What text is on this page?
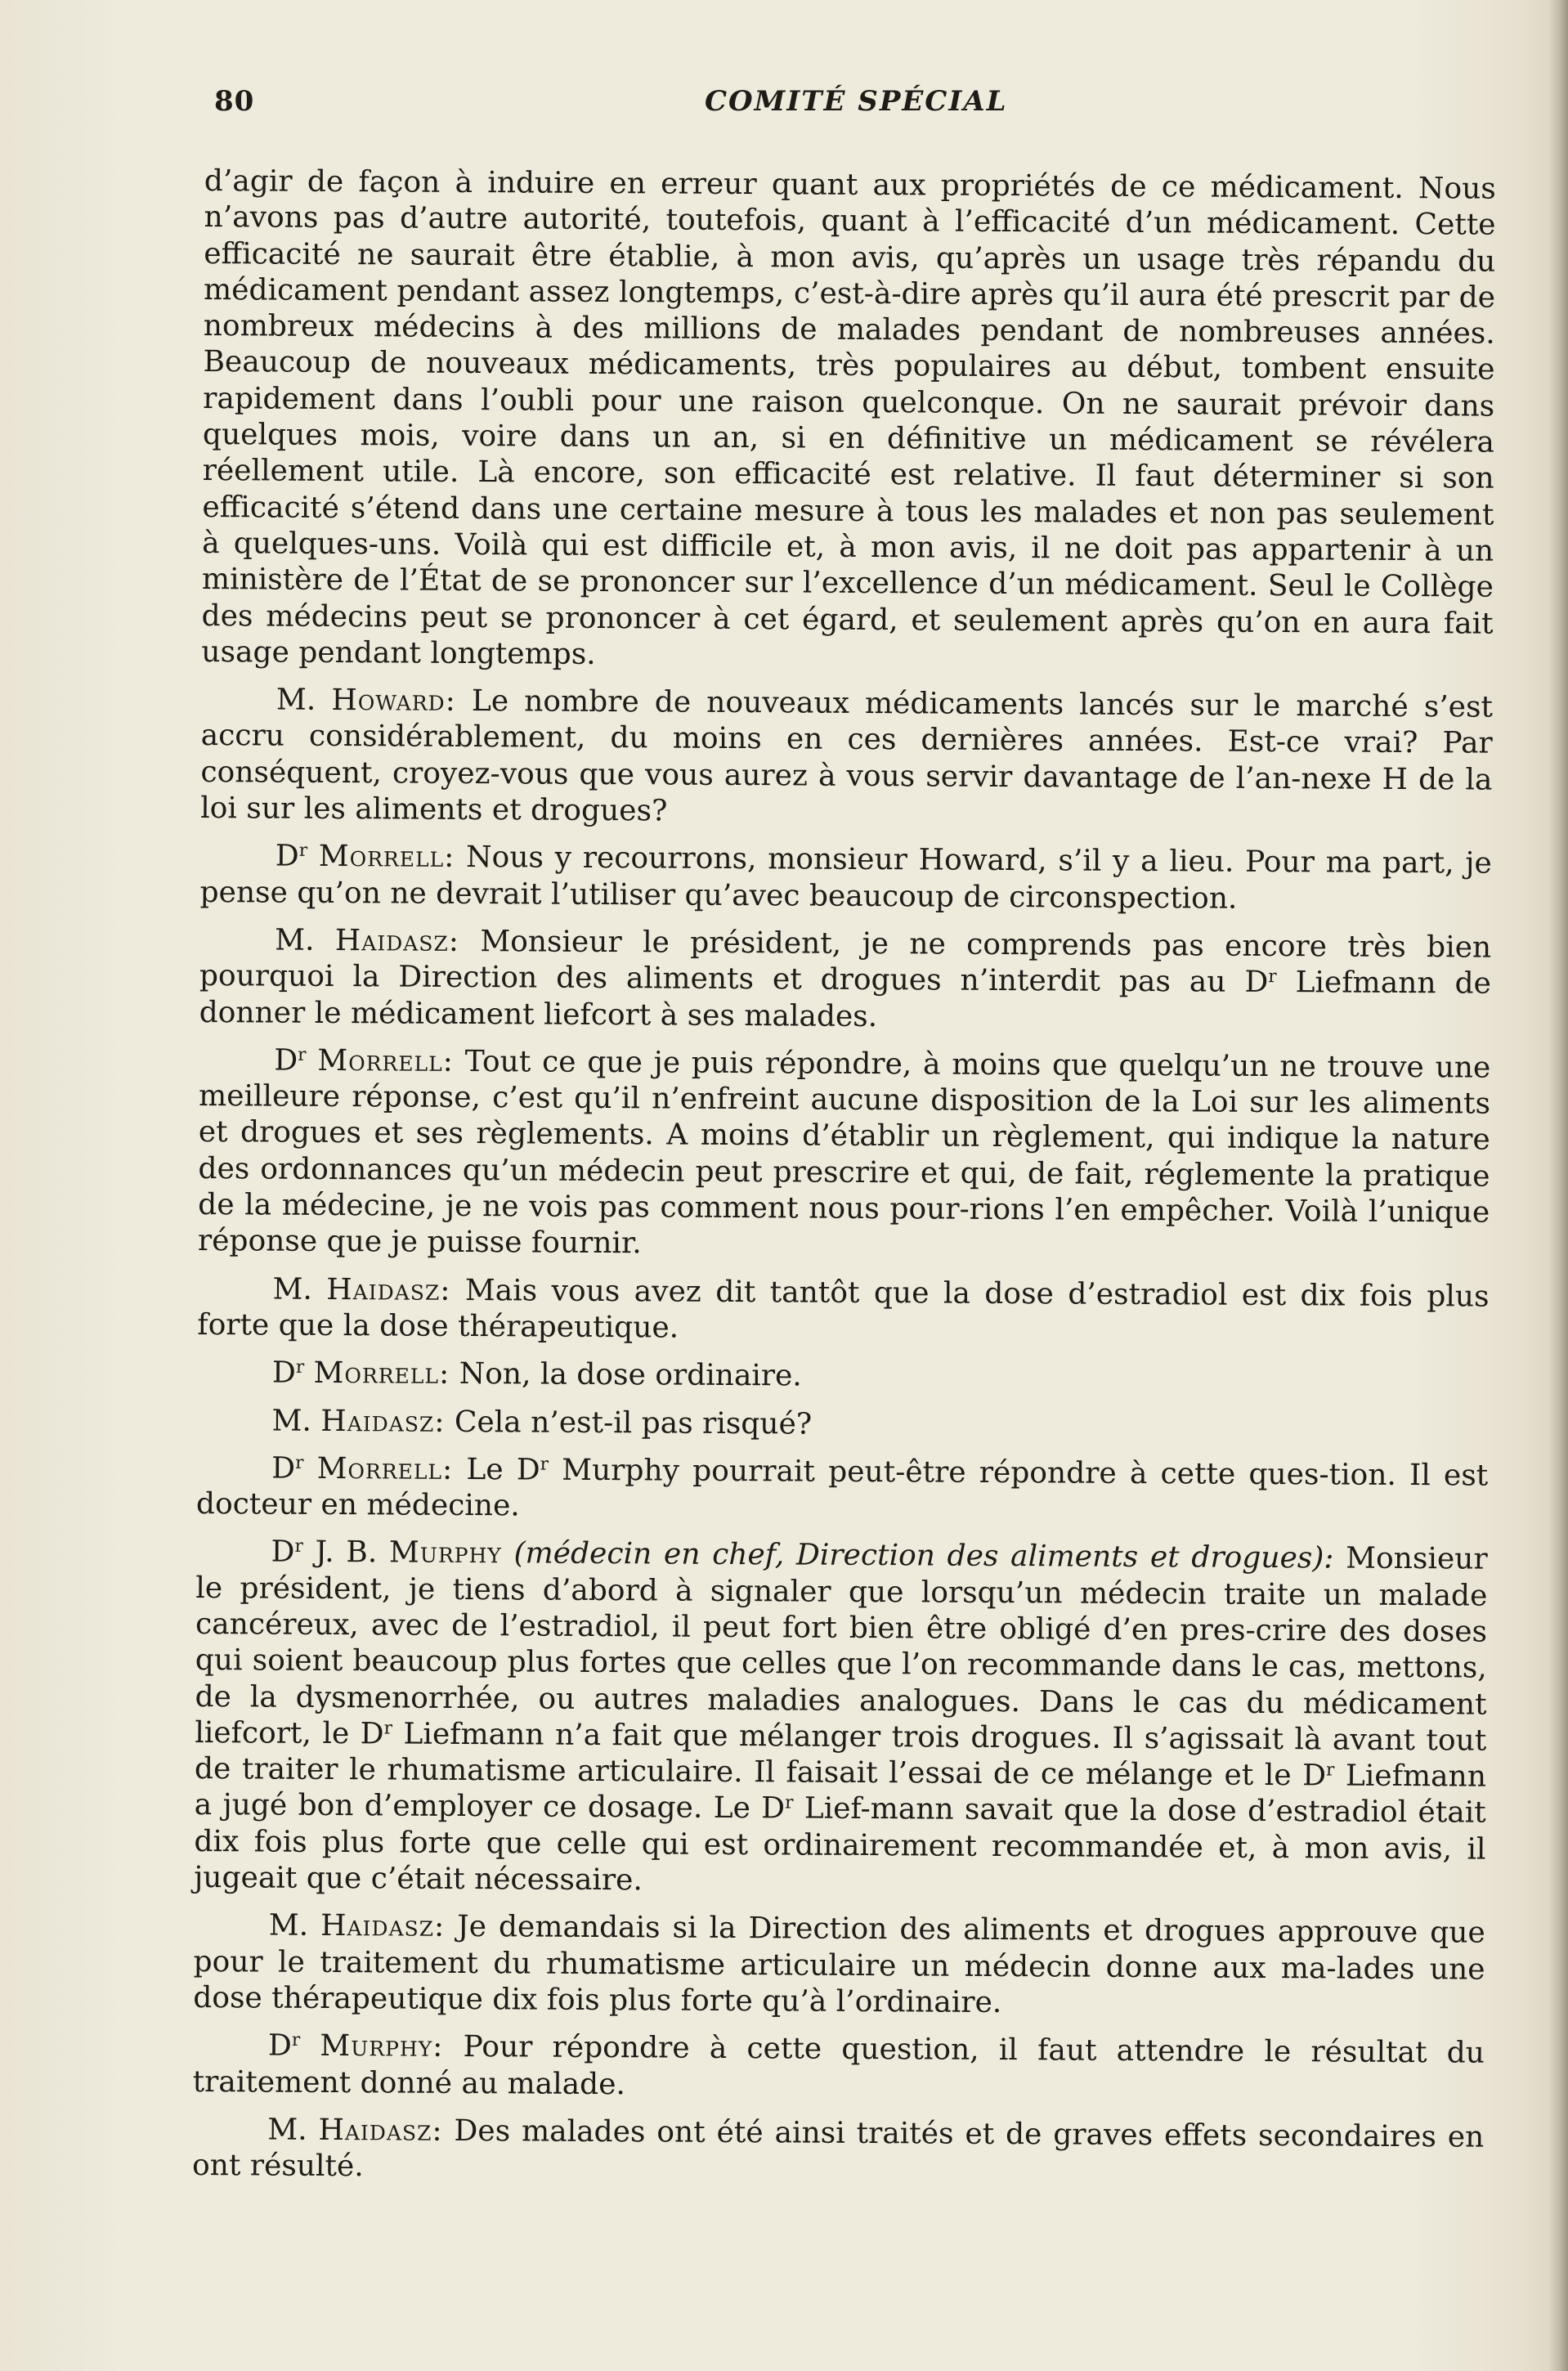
80	COMITÉ SPÉCIAL

d’agir de façon à induire en erreur quant aux propriétés de ce médicament. Nous n’avons pas d’autre autorité, toutefois, quant à l’efficacité d’un médicament. Cette efficacité ne saurait être établie, à mon avis, qu’après un usage très répandu du médicament pendant assez longtemps, c’est-à-dire après qu’il aura été prescrit par de nombreux médecins à des millions de malades pendant de nombreuses années. Beaucoup de nouveaux médicaments, très populaires au début, tombent ensuite rapidement dans l’oubli pour une raison quelconque. On ne saurait prévoir dans quelques mois, voire dans un an, si en définitive un médicament se révélera réellement utile. Là encore, son efficacité est relative. Il faut déterminer si son efficacité s’étend dans une certaine mesure à tous les malades et non pas seulement à quelques-uns. Voilà qui est difficile et, à mon avis, il ne doit pas appartenir à un ministère de l’État de se prononcer sur l’excellence d’un médicament. Seul le Collège des médecins peut se prononcer à cet égard, et seulement après qu’on en aura fait usage pendant longtemps.

M. Howard: Le nombre de nouveaux médicaments lancés sur le marché s’est accru considérablement, du moins en ces dernières années. Est-ce vrai? Par conséquent, croyez-vous que vous aurez à vous servir davantage de l’an-nexe H de la loi sur les aliments et drogues?

$D^r$ Morrell: Nous y recourrons, monsieur Howard, s’il y a lieu. Pour ma part, je pense qu’on ne devrait l’utiliser qu’avec beaucoup de circonspection.

M. Haidasz: Monsieur le président, je ne comprends pas encore très bien pourquoi la Direction des aliments et drogues n’interdit pas au $D^r$ Liefmann de donner le médicament liefcort à ses malades.

$D^r$ Morrell: Tout ce que je puis répondre, à moins que quelqu’un ne trouve une meilleure réponse, c’est qu’il n’enfreint aucune disposition de la Loi sur les aliments et drogues et ses règlements. A moins d’établir un règlement, qui indique la nature des ordonnances qu’un médecin peut prescrire et qui, de fait, réglemente la pratique de la médecine, je ne vois pas comment nous pour-rions l’en empêcher. Voilà l’unique réponse que je puisse fournir.

M. Haidasz: Mais vous avez dit tantôt que la dose d’estradiol est dix fois plus forte que la dose thérapeutique.

$D^r$ Morrell: Non, la dose ordinaire.

M. Haidasz: Cela n’est-il pas risqué?

$D^r$ Morrell: Le $D^r$ Murphy pourrait peut-être répondre à cette ques-tion. Il est docteur en médecine.

$D^r$ J. B. Murphy (médecin en chef, Direction des aliments et drogues): Monsieur le président, je tiens d’abord à signaler que lorsqu’un médecin traite un malade cancéreux, avec de l’estradiol, il peut fort bien être obligé d’en pres-crire des doses qui soient beaucoup plus fortes que celles que l’on recommande dans le cas, mettons, de la dysmenorrhée, ou autres maladies analogues. Dans le cas du médicament liefcort, le $D^r$ Liefmann n’a fait que mélanger trois drogues. Il s’agissait là avant tout de traiter le rhumatisme articulaire. Il faisait l’essai de ce mélange et le $D^r$ Liefmann a jugé bon d’employer ce dosage. Le $D^r$ Lief-mann savait que la dose d’estradiol était dix fois plus forte que celle qui est ordinairement recommandée et, à mon avis, il jugeait que c’était nécessaire.

M. Haidasz: Je demandais si la Direction des aliments et drogues approuve que pour le traitement du rhumatisme articulaire un médecin donne aux ma-lades une dose thérapeutique dix fois plus forte qu’à l’ordinaire.

$D^r$ Murphy: Pour répondre à cette question, il faut attendre le résultat du traitement donné au malade.

M. Haidasz: Des malades ont été ainsi traités et de graves effets secondaires en ont résulté.
